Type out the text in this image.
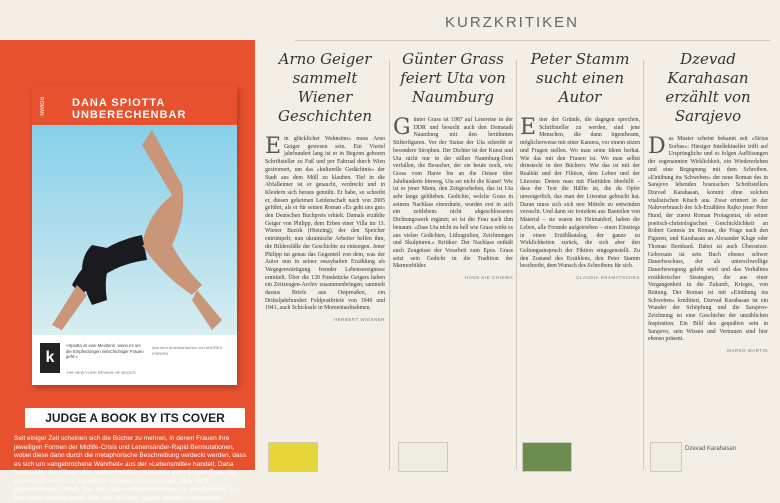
KURZKRITIKEN
ROMAN	DANA SPIOTTA
UNBERECHENBAR
k
»Spiotta ist eine Meisterin, wenn es um die Empfindungen vielschichtiger Frauen geht.«
THE NEW YORK REVIEW OF BOOKS
Aus dem Amerikanischen von ANDREA O'BRIEN
JUDGE A BOOK BY ITS COVER
Seit einiger Zeit scheinen sich die Bücher zu mehren, in denen Frauen ihre jeweiligen Formen der Midlife-Crisis und Lebensänder-Rapid Bermutationen, wobei diese dann durch die metaphorische Beschreibung verdeckt werden, dass es sich um »angebrochene Wahrheit« aus der »Lebensmitte« handelt. Dana kommt hier der Körper eher wahrscheinlich nicht mehr ganz jungen Frau, die wohin auch nimmt, in legendärer Untreue Amüsierungen, aber nicht angestrichenes Armen, das, was eben »unberechenbar« ist, einschmeckt. Ein fast schon übersteigertes Bild, die Zeit wird zeigen, welche Lebenswege
Arno Geiger sammelt Wiener Geschichten

Ein glücklicher Wahnsinn« muss Arno Geiger gewesen sein. Ein Viertel jahrhundert lang ist er in Begonn geboren Schriftsteller zu Fuß und per Fahrrad durch Wien gestromert, um das »kulturelle Gedächtnis« der Stadt aus dem Müll zu klauben. Tief in die Abfalleimer ist er getaucht, verdreckt und in Kleidern sich heraus gemüht. Er habe, so schreibt er, diesen geheimen Leidenschaft nach von 2005 geführt, als er für seinen Roman »Es geht uns gut« den Deutschen Buchpreis erhielt. Damals erzählte Geiger von Philipp, dem Erben einer Villa im 13. Wiener Bezirk (Hietzing), der den Speicher entrümpelt; nun ukrainische Arbeiter helfen ihm, die Bildersfälle der Geschichte zu entsorgen. Jener Philipp tut genau das Gegenteil von dem, was der Autor nun in seiner essayhaften Erzählung als Vergegenwärtigung fremder Lebensereignisse ermittelt. Über die 130 Fundstücke Geigers haben ein Zeitzeugen-Archiv zusammenbringen; sammelt daraus Briefe aus Ostpreußen, ein Dritteljahrhundert Feldpostbriefe von 1940 und 1941, auch Schicksale in Momentaufnahmen.
HERBERT WIESNER

Günter Grass feiert Uta von Naumburg

Günter Grass ist 1987 auf Lesereise in der DDR und besucht auch den Domstadt Naumburg mit den berühmten Stifterfiguren. Vor der Statue der Uta schreibt er besondere Strophen. Der Dichter ist der Kunst und Uta nicht nur in der stillen Naumburg-Dom verfallen, die Besucher, der sie heute noch, wie Grass vom Harze bis an die Ostsee über Jahrhunderte hinweg, Uta sei nicht die Kunst! Wie ist es jener Mann, den Zeitgeschehen, das ist Uta sehr lange geblieben. Gedichte, welche Grass in seinem Nachlass einordnete, wurden erst in sich ein zeitlebens nicht abgeschlossenes Dichtungswerk ergänzt; so ist die Frau nach ihm benannt. »Dass Uta nicht zu hell wie Grass wirkt es aus vielen Gedichten, Lithografien, Zeichnungen und Skulpturen.« Kritiker: Der Nachlass enthält auch Zeugnisse der Vorarbeit zum Epos. Grass setzt sein Gedicht in die Tradition der Marmorbilder.
HANS KIE-CHIEWA

Peter Stamm sucht einen Autor

Einer der Gründe, die dagegen sprechen, Schriftsteller zu werden, sind jene Menschen, die dann irgendwann, möglicherweise mit einer Kamera, vor einem sitzen und Fragen stellen. Wo man seine Ideen herhat. Wie das mit den Frauen ist. Wo man selbst drinsteckt in den Büchern. Wie das ist mit der Realität und der Fiktion, dem Leben und der Literatur. Denen man mit Platitüden überhilft – dass der Text die Hälfte ist, die du Opfer unweigerlich, das man der Literatur gebracht hat. Daran muss sich sich neu Mitteln zu entwinden versucht. Und dann sie trotzdem aus Bauteilen von Material – sie waren im Heimatdorf, haben die Leben, alle Freunde aufgetrieben – einen Einstiegs in einen Erzählkatalog, der ganze zu Wirklichkeiten zurück, die sich aber den Geltungsanspruch der Fiktion entgegenstellt. Zu den Zustand des Erzählens, den Peter Stamm beschreibt, dem Wunsch des Schreibens für sich.
CLAUDIA KRAMATSCHEK

Dzevad Karahasan erzählt von Sarajevo

Das Muster scheint bekannt seit »Sirius Sorbas«: Hiesiger Intellektueller trifft auf Ursprüngliche und es folgen Auflösungen der sogenannten Wirklichkeit, ein Wiedererleben und eine Begegnung mit dem Schreiben. »Einübung ins Schweben« der neue Roman des in Sarajevo lebenden bosnischen Schriftstellers Dzevad Karahasan, kommt ohne solchen vitalistischen Kitsch aus. Zwar erinnert in der Nahrverbrauch des Ich-Erzählers Rajko jener Peter Hund, der zuerst Roman Protagonist, ob seiner poetisch-christologischen Geschicklichkeit an Robert Genesis im Roman, die Frage nach den Figuren, und Karahasan an Alexander Kluge oder Thomas Bernhard. Dabei ist auch Übersetzer. Gehorsam ist sein Buch ebenso schwer Dauerbeschuss, der als unterschwellige Dauerbewegung gelebt wird und das Verhältnis erzählerischer Strategien, die aus einer Vergangenheit in die Zukunft, Krieges, von Rettung. Der Roman ist mit »Einübung ins Schweben« kreditiert, Dzevad Karahasan ist ein Wunder der Schöpfung und die Sarajevo-Zeichnung ist eine Geschichte der unzählichen Inspiration. Ein Bild des gequälten sein in Sarajevo, sein Wissen und Vertrauen sind hier ebenso präsent.
MARKO MARTIN

Dzevad Karahasan
